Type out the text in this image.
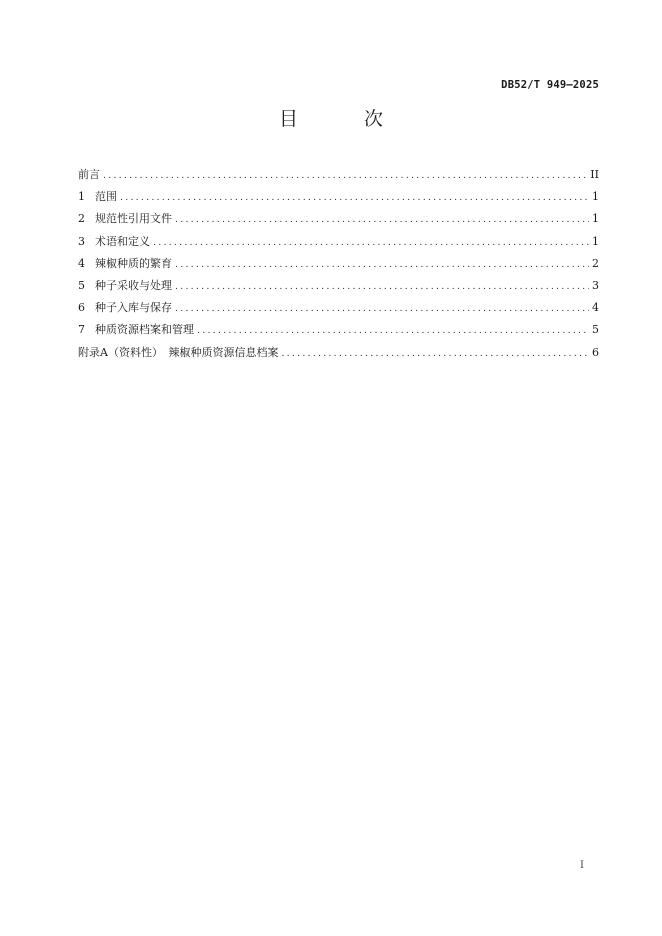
DB52/T 949—2025
目 次
前言 .....	II
1 范围 .....	1
2 规范性引用文件 .....	1
3 术语和定义 .....	1
4 辣椒种质的繁育 .....	2
5 种子采收与处理 .....	3
6 种子入库与保存 .....	4
7 种质资源档案和管理 .....	5
附录A（资料性）　辣椒种质资源信息档案 .....	6
I
